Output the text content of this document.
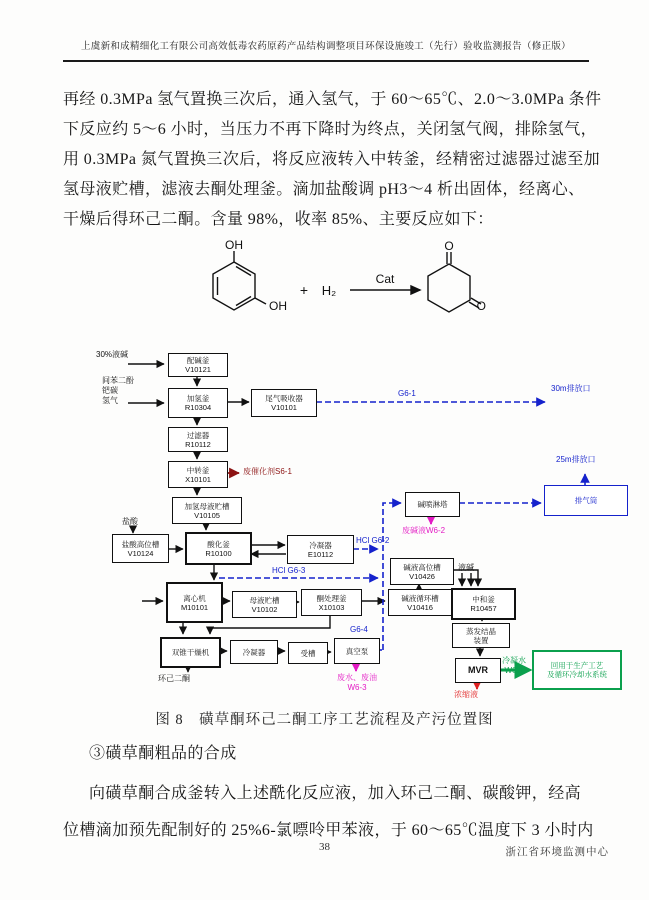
上虞新和成精细化工有限公司高效低毒农药原药产品结构调整项目环保设施竣工（先行）验收监测报告（修正版）
再经 0.3MPa 氢气置换三次后，通入氢气，于 60～65℃、2.0～3.0MPa 条件
下反应约 5～6 小时，当压力不再下降时为终点，关闭氢气阀，排除氢气，
用 0.3MPa 氮气置换三次后，将反应液转入中转釜，经精密过滤器过滤至加
氢母液贮槽，滤液去酮处理釜。滴加盐酸调 pH3～4 析出固体，经离心、
干燥后得环己二酮。含量 98%，收率 85%、主要反应如下：
OH
OH
+ H₂
Cat
O
O
配碱釜
V10121
加氢釜
R10304
尾气吸收器
V10101
过滤器
R10112
中转釜
X10101
加氢母液贮槽
V10105
盐酸高位槽
V10124
酸化釜
R10100
冷凝器
E10112
离心机
M10101
母液贮槽
V10102
酮处理釜
X10103
双锥干燥机	冷凝器	受槽	真空泵
碱喷淋塔	排气筒
碱液高位槽
V10426
碱液循环槽
V10416
中和釜
R10457
蒸发结晶
装置
MVR	回用于生产工艺
及循环冷却水系统
30%液碱
间苯二酚
钯碳
氢气
G6-1
30m排放口
废催化剂S6-1
盐酸
HCl G6-2
HCl G6-3
G6-4
25m排放口
废碱液W6-2
液碱
环己二酮	废水、废油
W6-3
冷凝水
W6-1
浓缩液
图 8　磺草酮环己二酮工序工艺流程及产污位置图
③磺草酮粗品的合成
向磺草酮合成釜转入上述酰化反应液，加入环己二酮、碳酸钾，经高
位槽滴加预先配制好的 25%6-氯嘌呤甲苯液，于 60～65℃温度下 3 小时内
38	浙江省环境监测中心
